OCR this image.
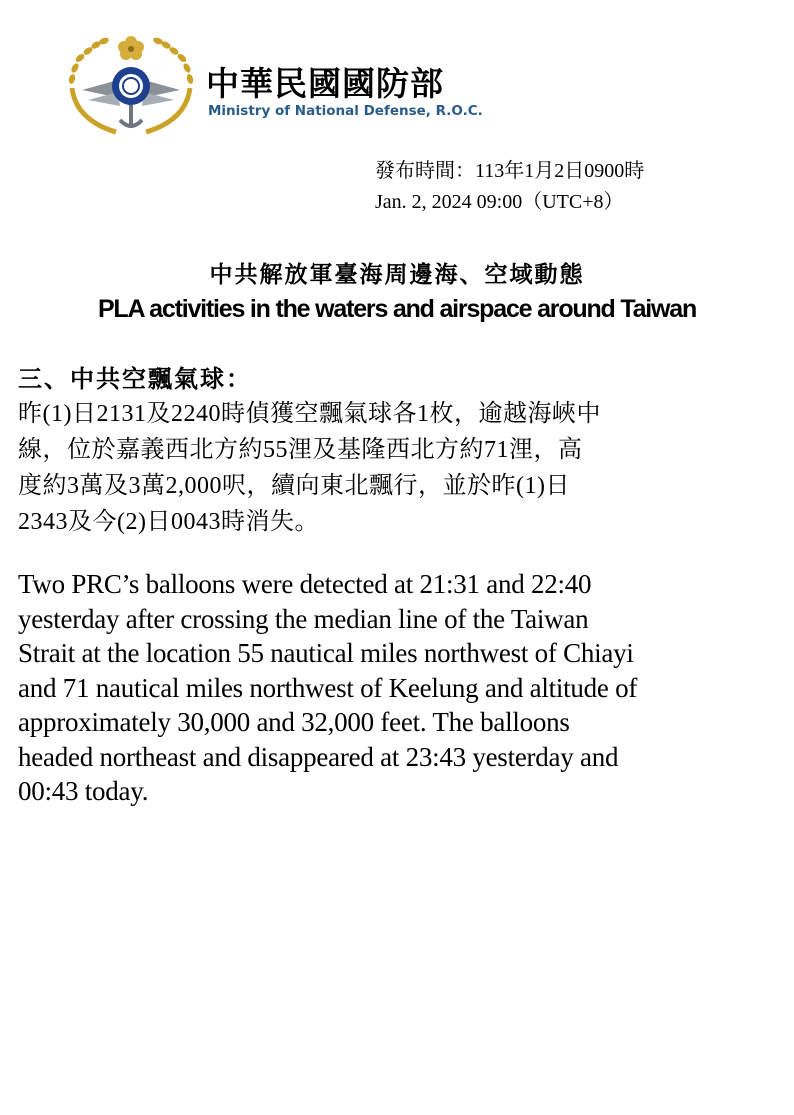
中華民國國防部
Ministry of National Defense, R.O.C.
發布時間：113年1月2日0900時
Jan. 2, 2024 09:00（UTC+8）
中共解放軍臺海周邊海、空域動態
PLA activities in the waters and airspace around Taiwan
三、中共空飄氣球：
昨(1)日2131及2240時偵獲空飄氣球各1枚，逾越海峽中
線，位於嘉義西北方約55浬及基隆西北方約71浬，高
度約3萬及3萬2,000呎，續向東北飄行，並於昨(1)日
2343及今(2)日0043時消失。
Two PRC’s balloons were detected at 21:31 and 22:40
yesterday after crossing the median line of the Taiwan
Strait at the location 55 nautical miles northwest of Chiayi
and 71 nautical miles northwest of Keelung and altitude of
approximately 30,000 and 32,000 feet. The balloons
headed northeast and disappeared at 23:43 yesterday and
00:43 today.
